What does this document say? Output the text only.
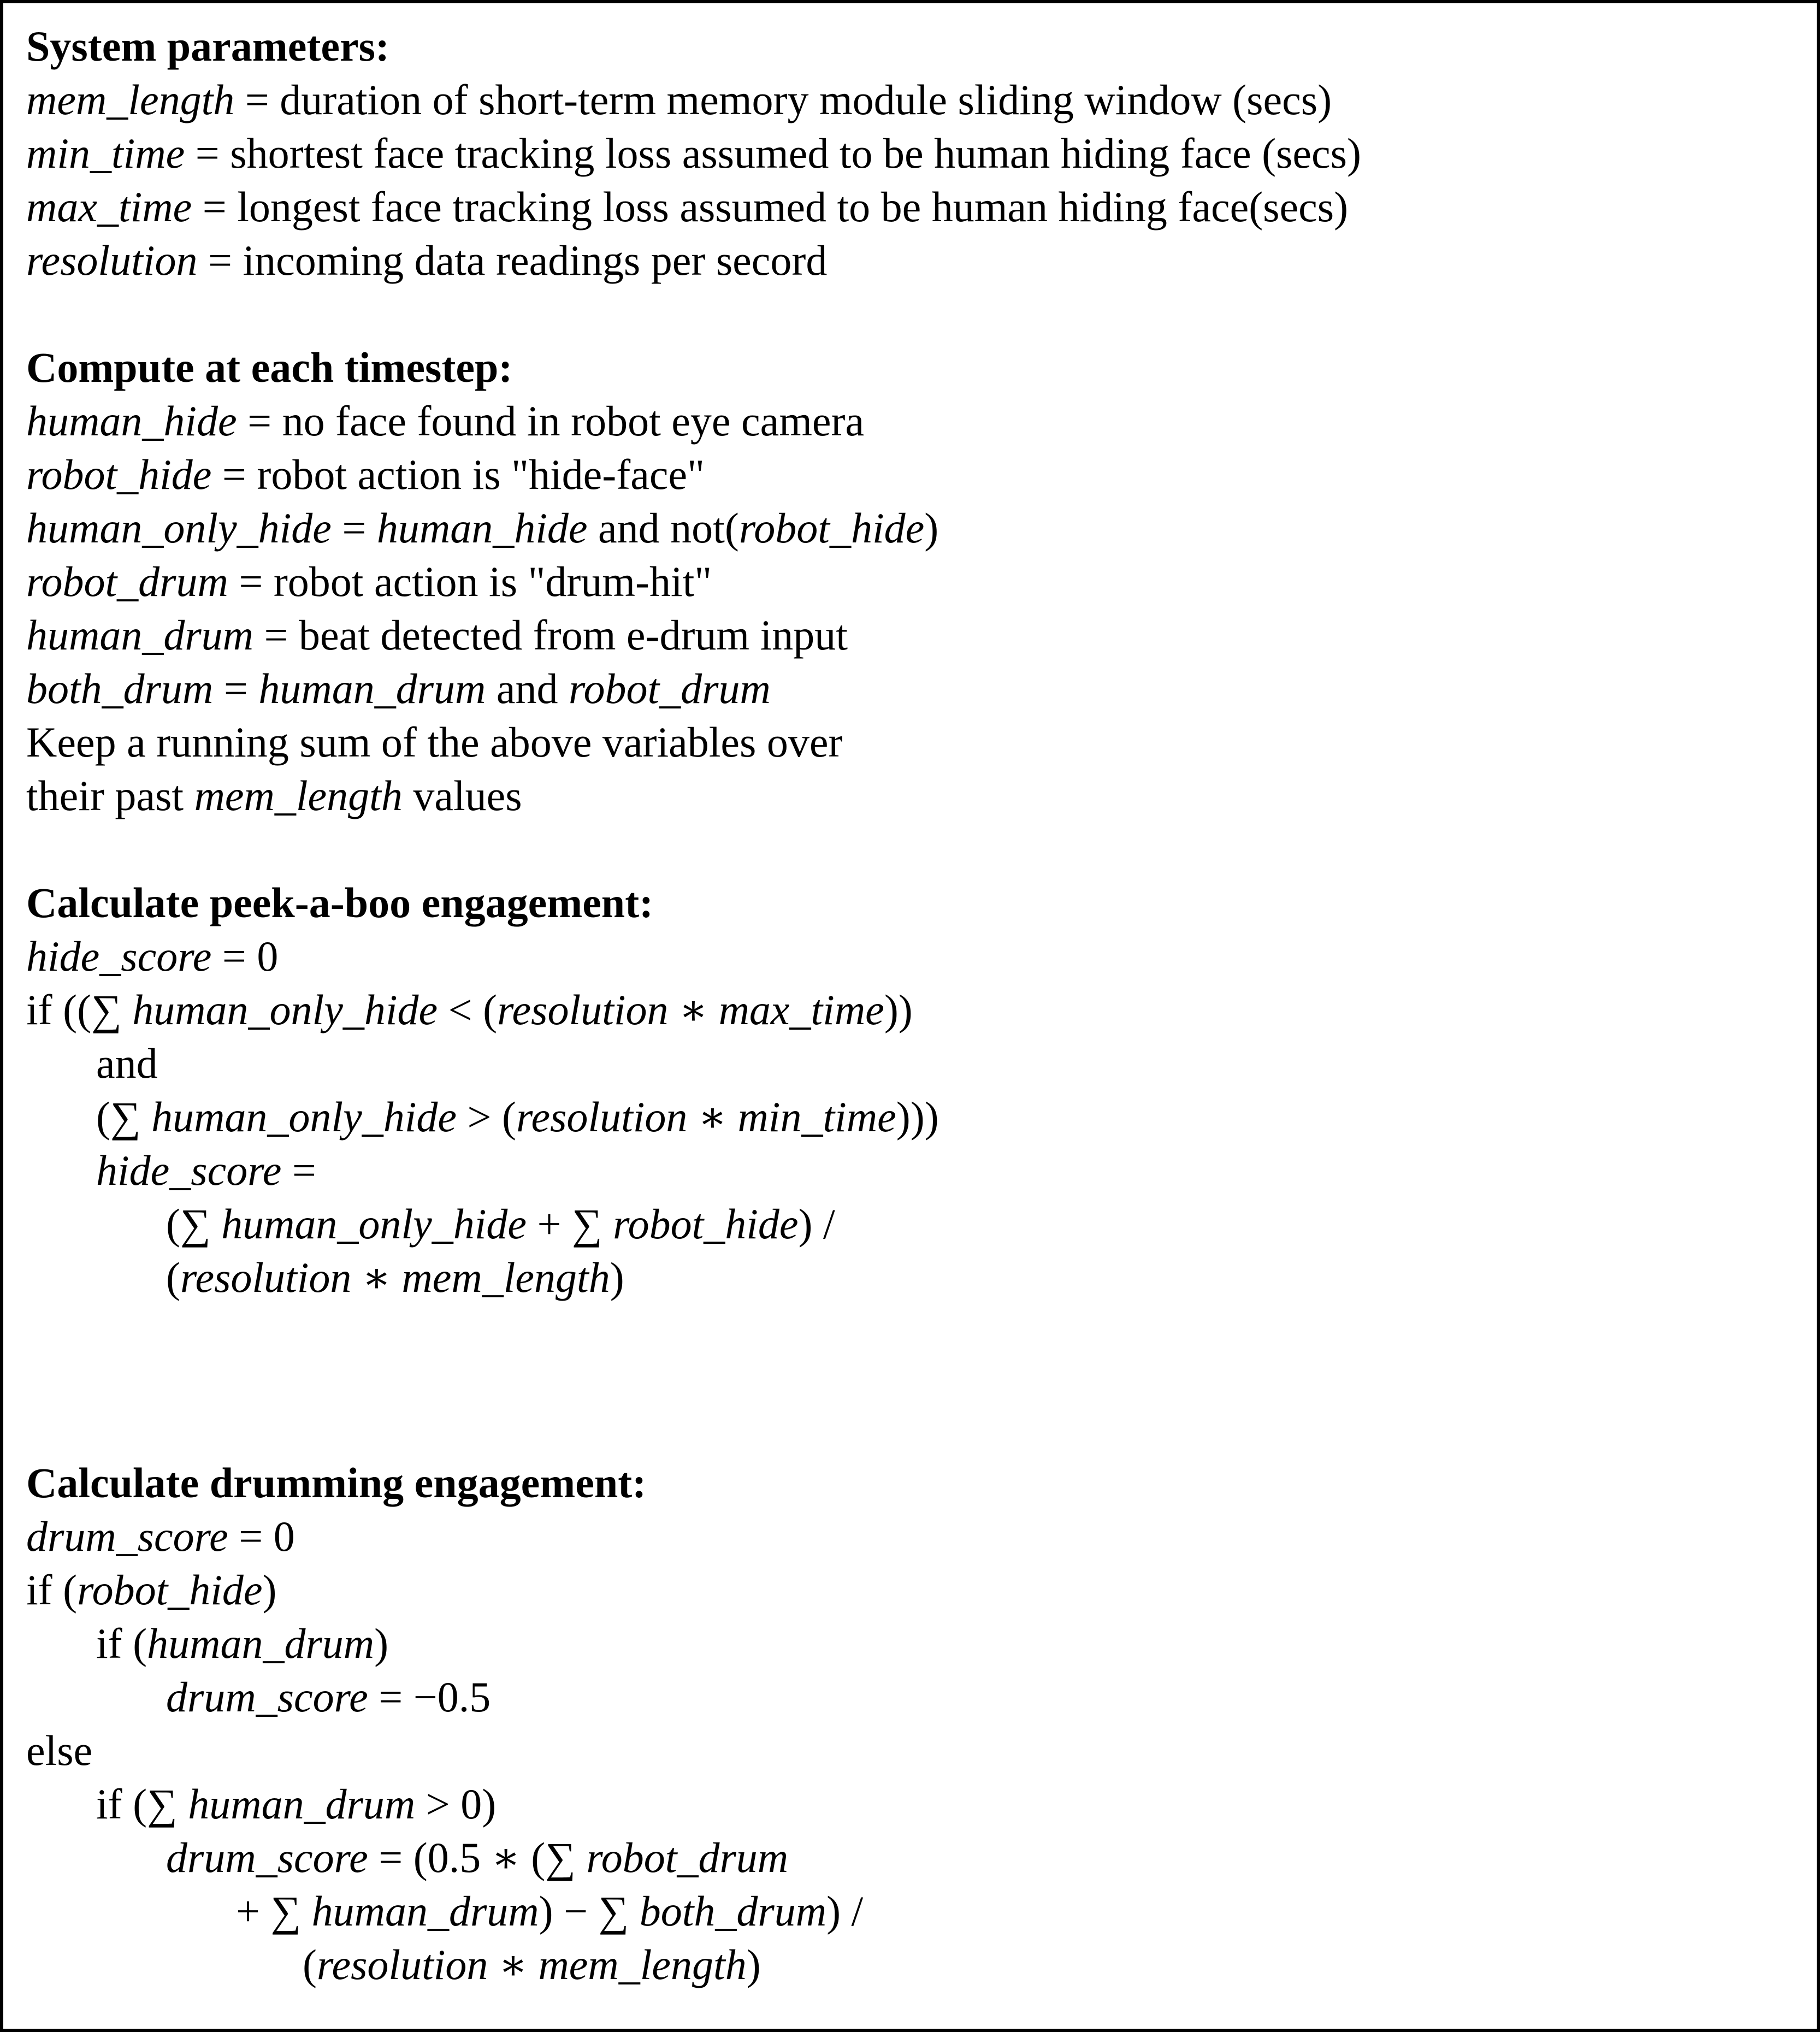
System parameters:
mem_length = duration of short-term memory module sliding window (secs)
min_time = shortest face tracking loss assumed to be human hiding face (secs)
max_time = longest face tracking loss assumed to be human hiding face(secs)
resolution = incoming data readings per secord
Compute at each timestep:
human_hide = no face found in robot eye camera
robot_hide = robot action is "hide-face"
human_only_hide = human_hide and not(robot_hide)
robot_drum = robot action is "drum-hit"
human_drum = beat detected from e-drum input
both_drum = human_drum and robot_drum
Keep a running sum of the above variables over
their past mem_length values
Calculate peek-a-boo engagement:
hide_score = 0
if ((∑ human_only_hide < (resolution ∗ max_time))
and
(∑ human_only_hide > (resolution ∗ min_time)))
hide_score =
(∑ human_only_hide + ∑ robot_hide) /
(resolution ∗ mem_length)
Calculate drumming engagement:
drum_score = 0
if (robot_hide)
if (human_drum)
drum_score = −0.5
else
if (∑ human_drum > 0)
drum_score = (0.5 ∗ (∑ robot_drum
+ ∑ human_drum) − ∑ both_drum) /
(resolution ∗ mem_length)
